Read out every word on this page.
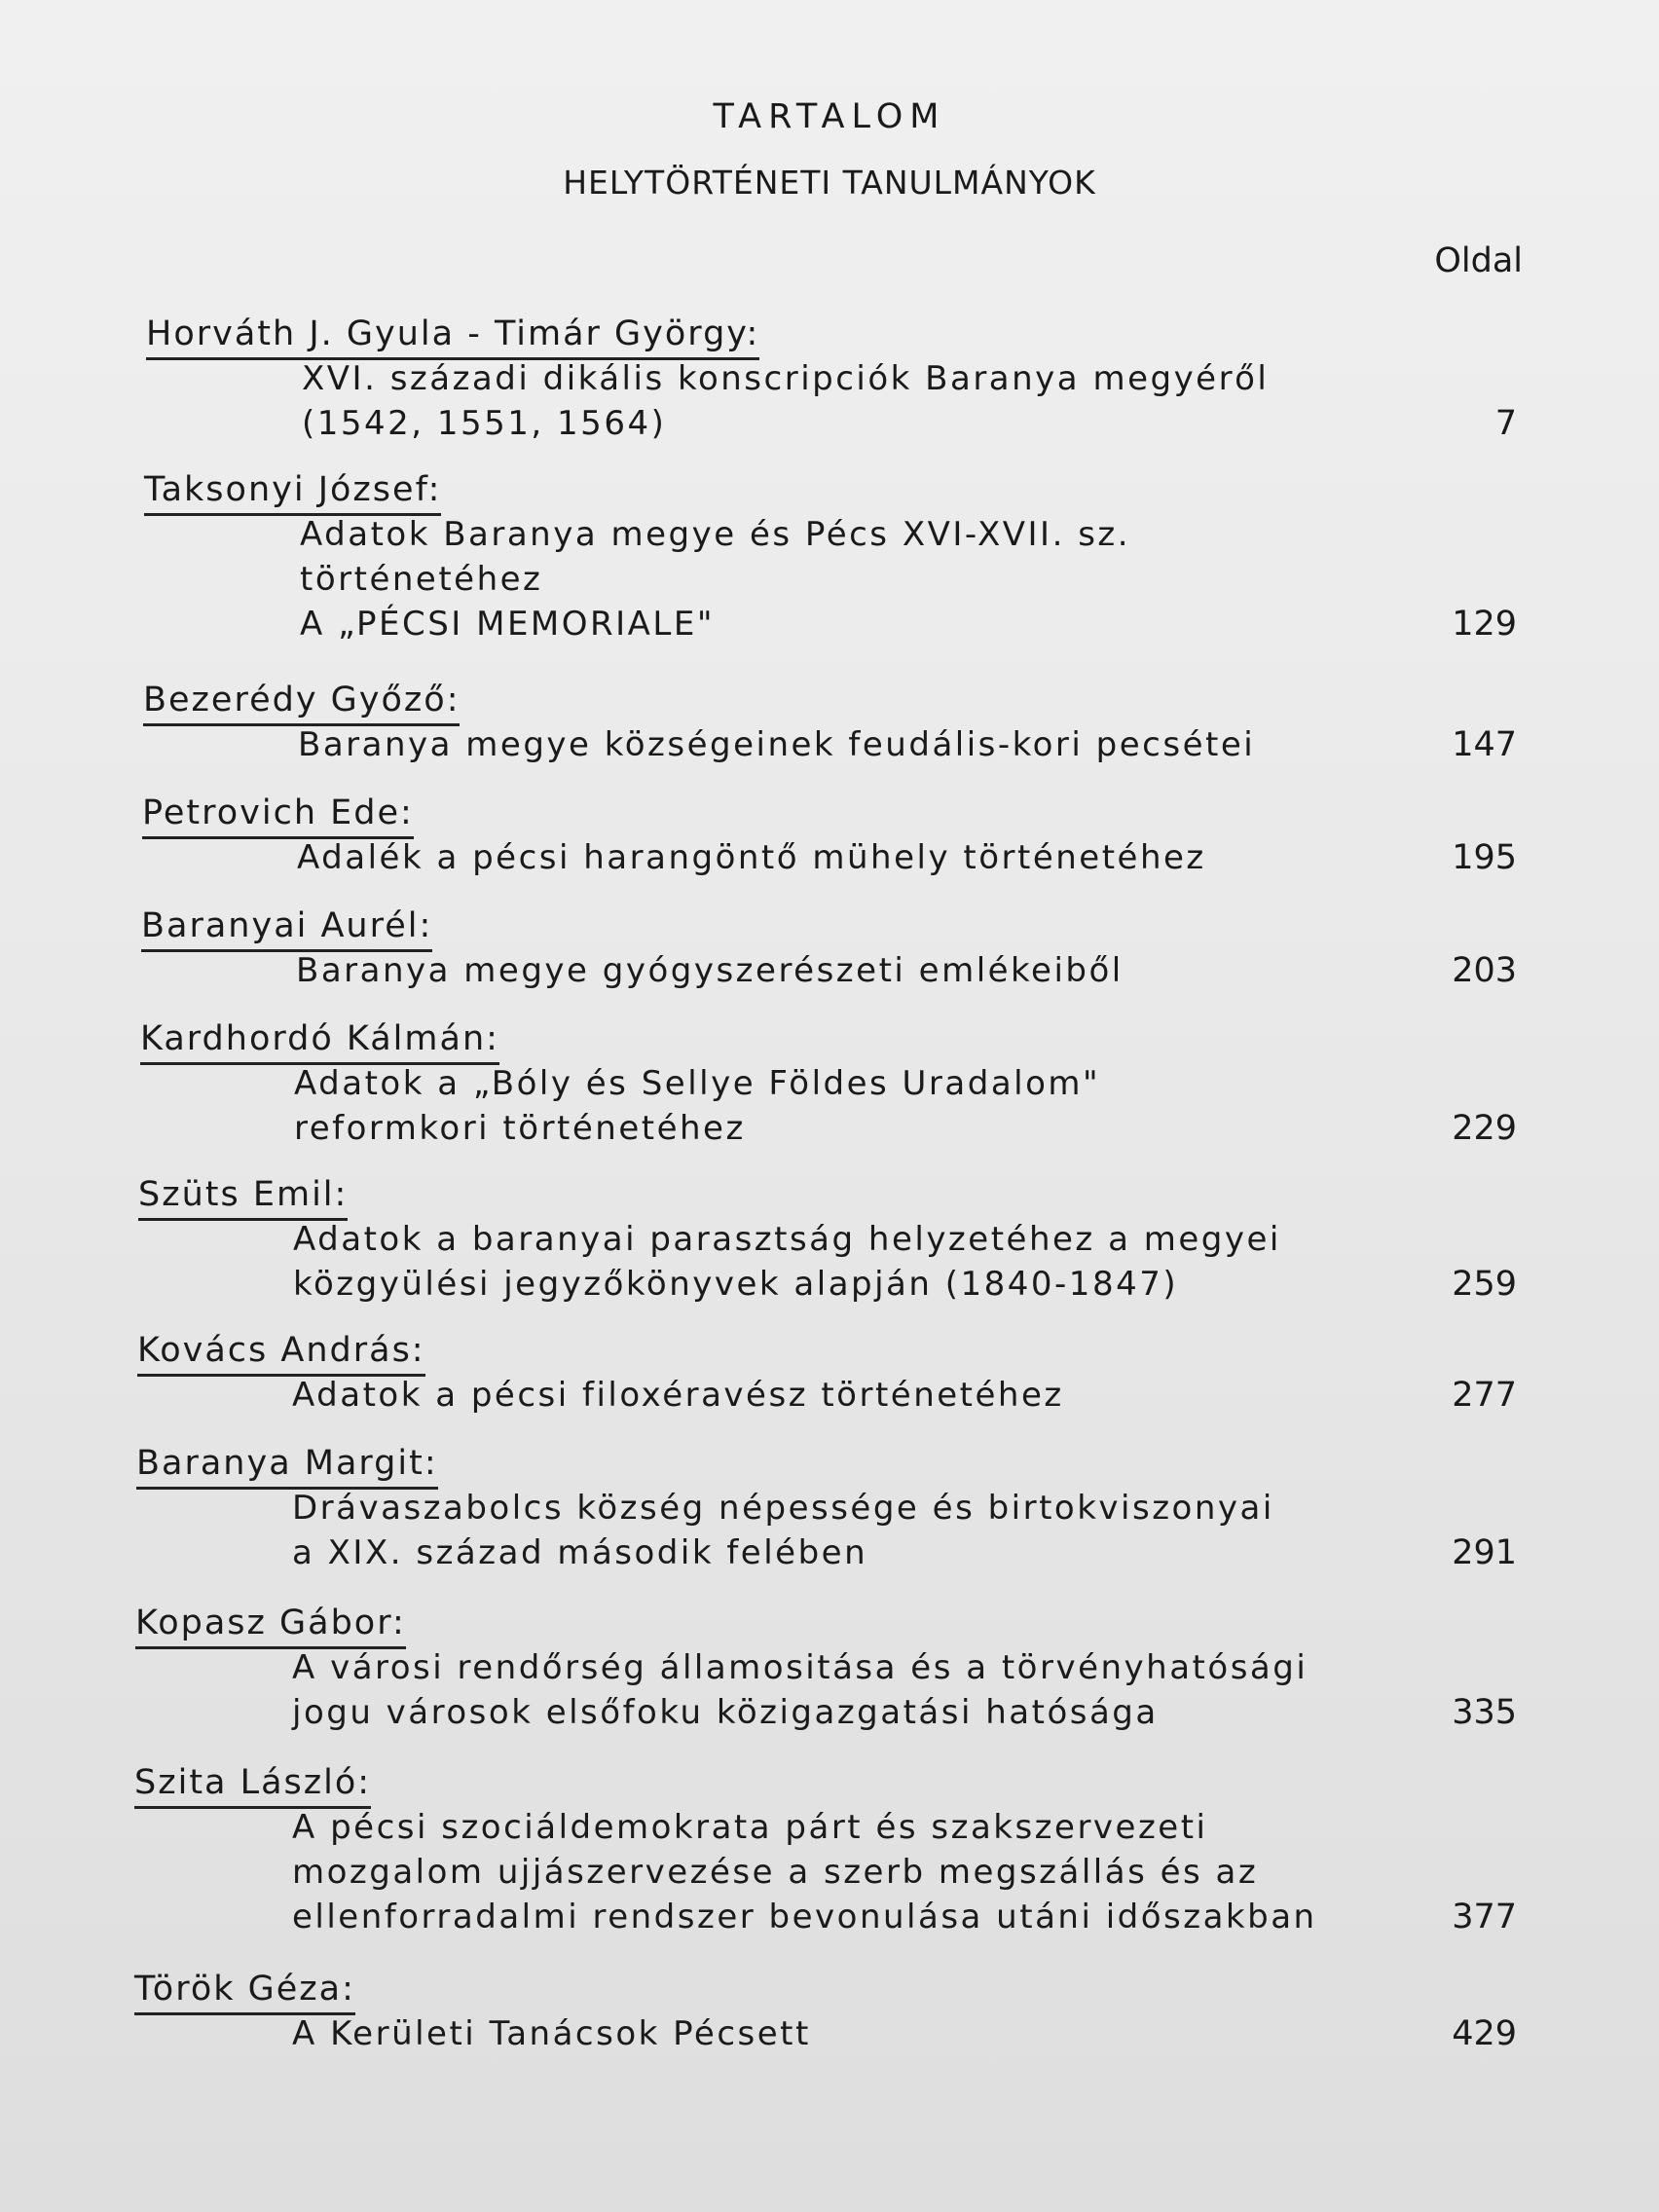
TARTALOM
HELYTÖRTÉNETI TANULMÁNYOK
Oldal
Horváth J. Gyula - Timár György:
XVI. századi dikális konscripciók Baranya megyéről
(1542, 1551, 1564)	7
Taksonyi József:
Adatok Baranya megye és Pécs XVI-XVII. sz.
történetéhez
A „PÉCSI MEMORIALE"	129
Bezerédy Győző:
Baranya megye községeinek feudális-kori pecsétei	147
Petrovich Ede:
Adalék a pécsi harangöntő mühely történetéhez	195
Baranyai Aurél:
Baranya megye gyógyszerészeti emlékeiből	203
Kardhordó Kálmán:
Adatok a „Bóly és Sellye Földes Uradalom"
reformkori történetéhez	229
Szüts Emil:
Adatok a baranyai parasztság helyzetéhez a megyei
közgyülési jegyzőkönyvek alapján (1840-1847)	259
Kovács András:
Adatok a pécsi filoxéravész történetéhez	277
Baranya Margit:
Drávaszabolcs község népessége és birtokviszonyai
a XIX. század második felében	291
Kopasz Gábor:
A városi rendőrség államositása és a törvényhatósági
jogu városok elsőfoku közigazgatási hatósága	335
Szita László:
A pécsi szociáldemokrata párt és szakszervezeti
mozgalom ujjászervezése a szerb megszállás és az
ellenforradalmi rendszer bevonulása utáni időszakban	377
Török Géza:
A Kerületi Tanácsok Pécsett	429
